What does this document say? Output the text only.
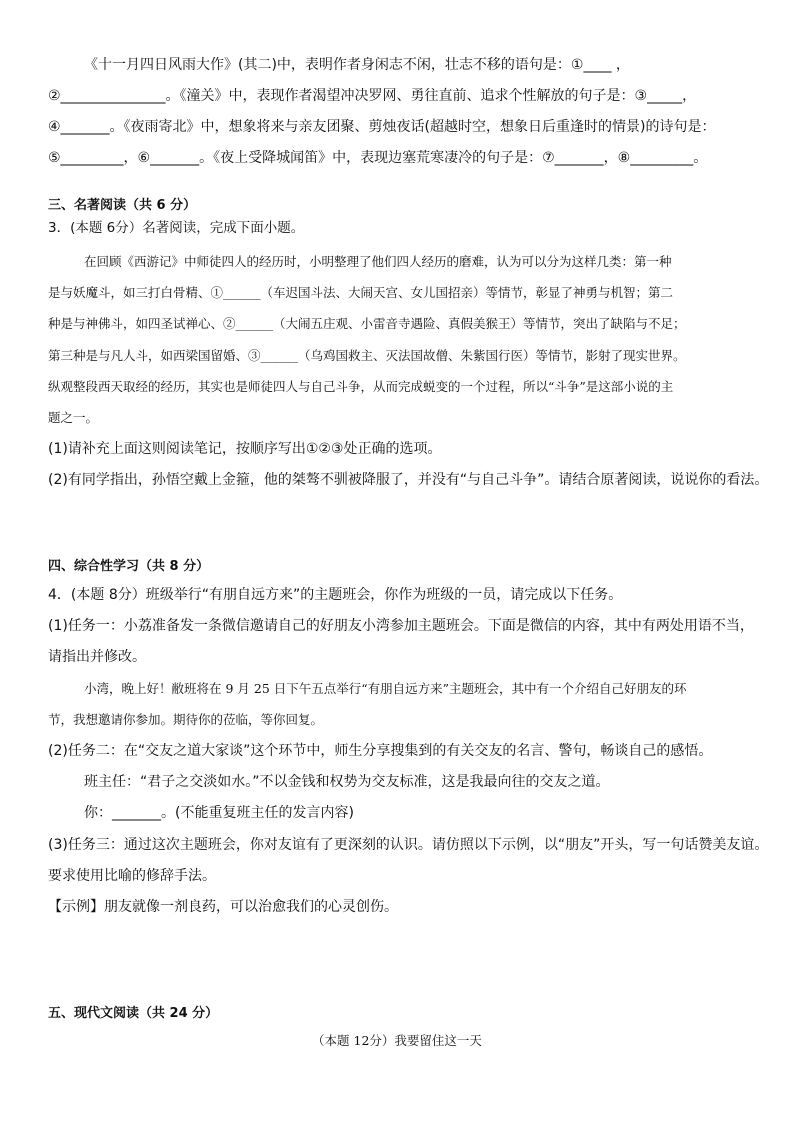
《十一月四日风雨大作》(其二)中，表明作者身闲志不闲，壮志不移的语句是：①____ ，
②_______________。《潼关》中，表现作者渴望冲决罗网、勇往直前、追求个性解放的句子是：③_____，
④_______。《夜雨寄北》中，想象将来与亲友团聚、剪烛夜话(超越时空，想象日后重逢时的情景)的诗句是：
⑤_________，⑥_______。《夜上受降城闻笛》中，表现边塞荒寒凄冷的句子是：⑦_______，⑧_________。
三、名著阅读（共 6 分）
3．(本题 6分）名著阅读，完成下面小题。
在回顾《西游记》中师徒四人的经历时，小明整理了他们四人经历的磨难，认为可以分为这样几类：第一种
是与妖魔斗，如三打白骨精、①______（车迟国斗法、大闹天宫、女儿国招亲）等情节，彰显了神勇与机智；第二
种是与神佛斗，如四圣试禅心、②______（大闹五庄观、小雷音寺遇险、真假美猴王）等情节，突出了缺陷与不足；
第三种是与凡人斗，如西梁国留婚、③______（乌鸡国救主、灭法国故僧、朱紫国行医）等情节，影射了现实世界。
纵观整段西天取经的经历，其实也是师徒四人与自己斗争，从而完成蜕变的一个过程，所以“斗争”是这部小说的主
题之一。
(1)请补充上面这则阅读笔记，按顺序写出①②③处正确的选项。
(2)有同学指出，孙悟空戴上金箍，他的桀骜不驯被降服了，并没有“与自己斗争”。请结合原著阅读，说说你的看法。
四、综合性学习（共 8 分）
4．(本题 8分）班级举行“有朋自远方来”的主题班会，你作为班级的一员，请完成以下任务。
(1)任务一：小荔准备发一条微信邀请自己的好朋友小湾参加主题班会。下面是微信的内容，其中有两处用语不当，
请指出并修改。
小湾，晚上好！敝班将在 9 月 25 日下午五点举行“有朋自远方来”主题班会，其中有一个介绍自己好朋友的环
节，我想邀请你参加。期待你的莅临，等你回复。
(2)任务二：在“交友之道大家谈”这个环节中，师生分享搜集到的有关交友的名言、警句，畅谈自己的感悟。
班主任：“君子之交淡如水。”不以金钱和权势为交友标准，这是我最向往的交友之道。
你：_______。(不能重复班主任的发言内容)
(3)任务三：通过这次主题班会，你对友谊有了更深刻的认识。请仿照以下示例，以“朋友”开头，写一句话赞美友谊。
要求使用比喻的修辞手法。
【示例】朋友就像一剂良药，可以治愈我们的心灵创伤。
五、现代文阅读（共 24 分）
（本题 12分）我要留住这一天
